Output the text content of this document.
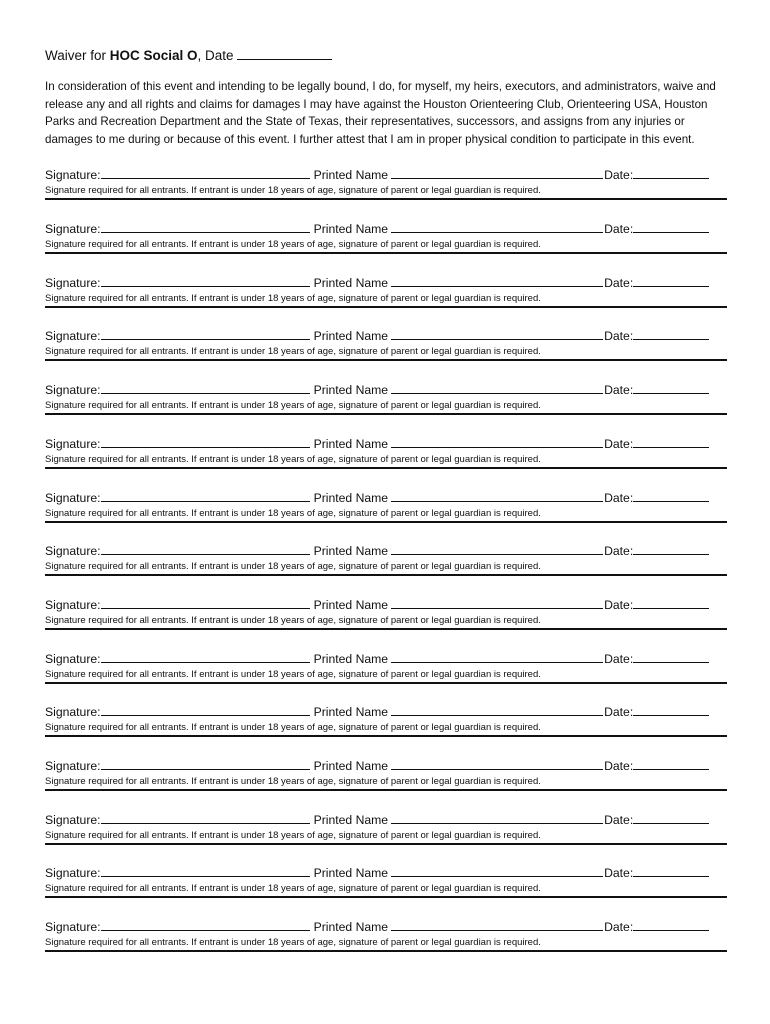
Waiver for HOC Social O, Date
In consideration of this event and intending to be legally bound, I do, for myself, my heirs, executors, and administrators, waive and release any and all rights and claims for damages I may have against the Houston Orienteering Club, Orienteering USA, Houston Parks and Recreation Department and the State of Texas, their representatives, successors, and assigns from any injuries or damages to me during or because of this event. I further attest that I am in proper physical condition to participate in this event.
Signature:	Printed Name	Date:
Signature required for all entrants. If entrant is under 18 years of age, signature of parent or legal guardian is required.
Signature:	Printed Name	Date:
Signature required for all entrants. If entrant is under 18 years of age, signature of parent or legal guardian is required.
Signature:	Printed Name	Date:
Signature required for all entrants. If entrant is under 18 years of age, signature of parent or legal guardian is required.
Signature:	Printed Name	Date:
Signature required for all entrants. If entrant is under 18 years of age, signature of parent or legal guardian is required.
Signature:	Printed Name	Date:
Signature required for all entrants. If entrant is under 18 years of age, signature of parent or legal guardian is required.
Signature:	Printed Name	Date:
Signature required for all entrants. If entrant is under 18 years of age, signature of parent or legal guardian is required.
Signature:	Printed Name	Date:
Signature required for all entrants. If entrant is under 18 years of age, signature of parent or legal guardian is required.
Signature:	Printed Name	Date:
Signature required for all entrants. If entrant is under 18 years of age, signature of parent or legal guardian is required.
Signature:	Printed Name	Date:
Signature required for all entrants. If entrant is under 18 years of age, signature of parent or legal guardian is required.
Signature:	Printed Name	Date:
Signature required for all entrants. If entrant is under 18 years of age, signature of parent or legal guardian is required.
Signature:	Printed Name	Date:
Signature required for all entrants. If entrant is under 18 years of age, signature of parent or legal guardian is required.
Signature:	Printed Name	Date:
Signature required for all entrants. If entrant is under 18 years of age, signature of parent or legal guardian is required.
Signature:	Printed Name	Date:
Signature required for all entrants. If entrant is under 18 years of age, signature of parent or legal guardian is required.
Signature:	Printed Name	Date:
Signature required for all entrants. If entrant is under 18 years of age, signature of parent or legal guardian is required.
Signature:	Printed Name	Date:
Signature required for all entrants. If entrant is under 18 years of age, signature of parent or legal guardian is required.
